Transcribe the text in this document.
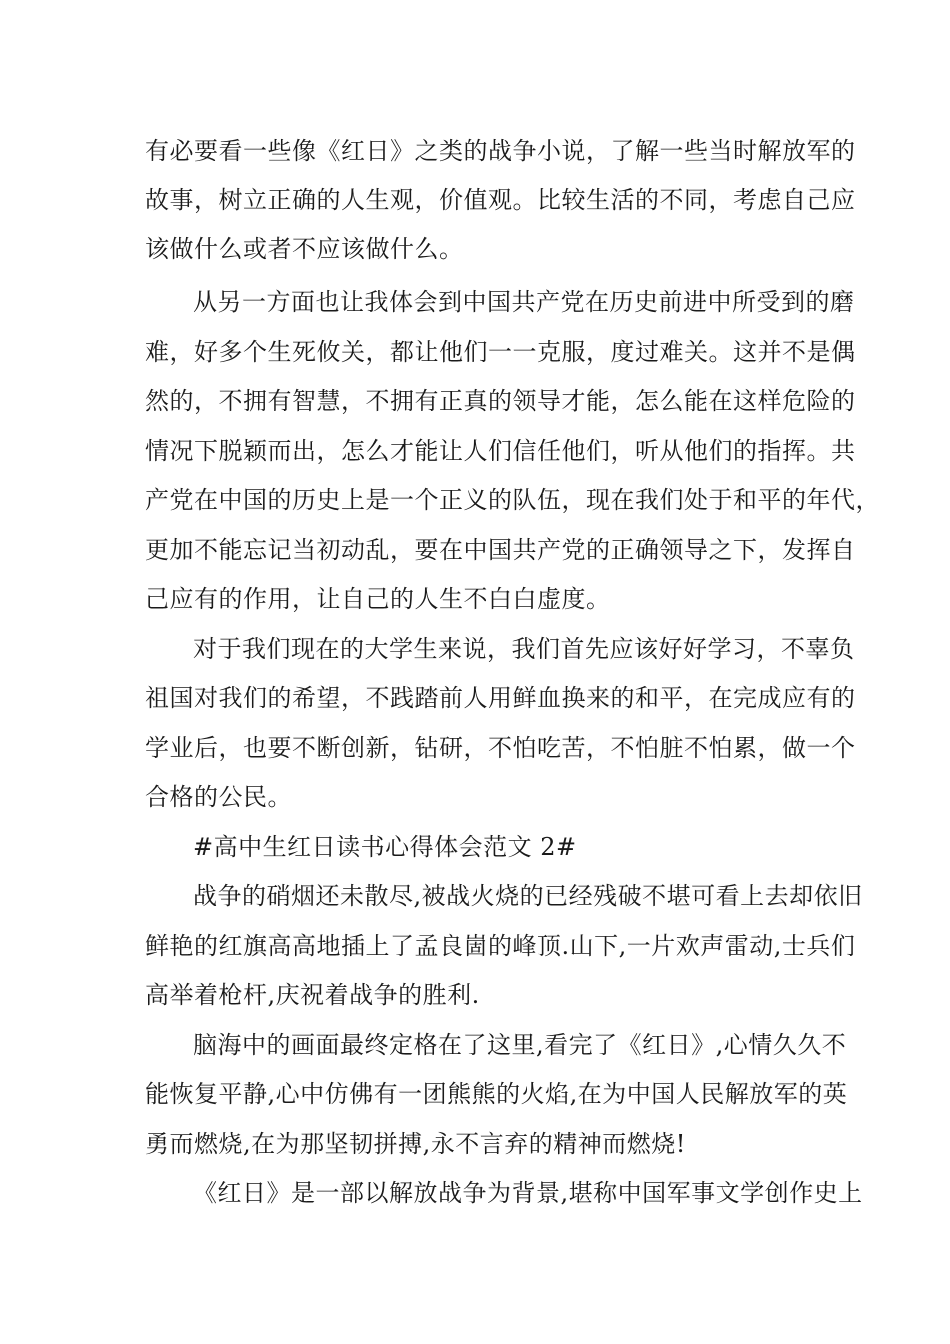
有必要看一些像《红日》之类的战争小说，了解一些当时解放军的

故事，树立正确的人生观，价值观。比较生活的不同，考虑自己应

该做什么或者不应该做什么。

从另一方面也让我体会到中国共产党在历史前进中所受到的磨

难，好多个生死攸关，都让他们一一克服，度过难关。这并不是偶

然的，不拥有智慧，不拥有正真的领导才能，怎么能在这样危险的

情况下脱颖而出，怎么才能让人们信任他们，听从他们的指挥。共

产党在中国的历史上是一个正义的队伍，现在我们处于和平的年代，

更加不能忘记当初动乱，要在中国共产党的正确领导之下，发挥自

己应有的作用，让自己的人生不白白虚度。

对于我们现在的大学生来说，我们首先应该好好学习，不辜负

祖国对我们的希望，不践踏前人用鲜血换来的和平，在完成应有的

学业后，也要不断创新，钻研，不怕吃苦，不怕脏不怕累，做一个

合格的公民。

#高中生红日读书心得体会范文 2#

战争的硝烟还未散尽,被战火烧的已经残破不堪可看上去却依旧

鲜艳的红旗高高地插上了孟良崮的峰顶.山下,一片欢声雷动,士兵们

高举着枪杆,庆祝着战争的胜利.

脑海中的画面最终定格在了这里,看完了《红日》,心情久久不

能恢复平静,心中仿佛有一团熊熊的火焰,在为中国人民解放军的英

勇而燃烧,在为那坚韧拼搏,永不言弃的精神而燃烧!

《红日》是一部以解放战争为背景,堪称中国军事文学创作史上
